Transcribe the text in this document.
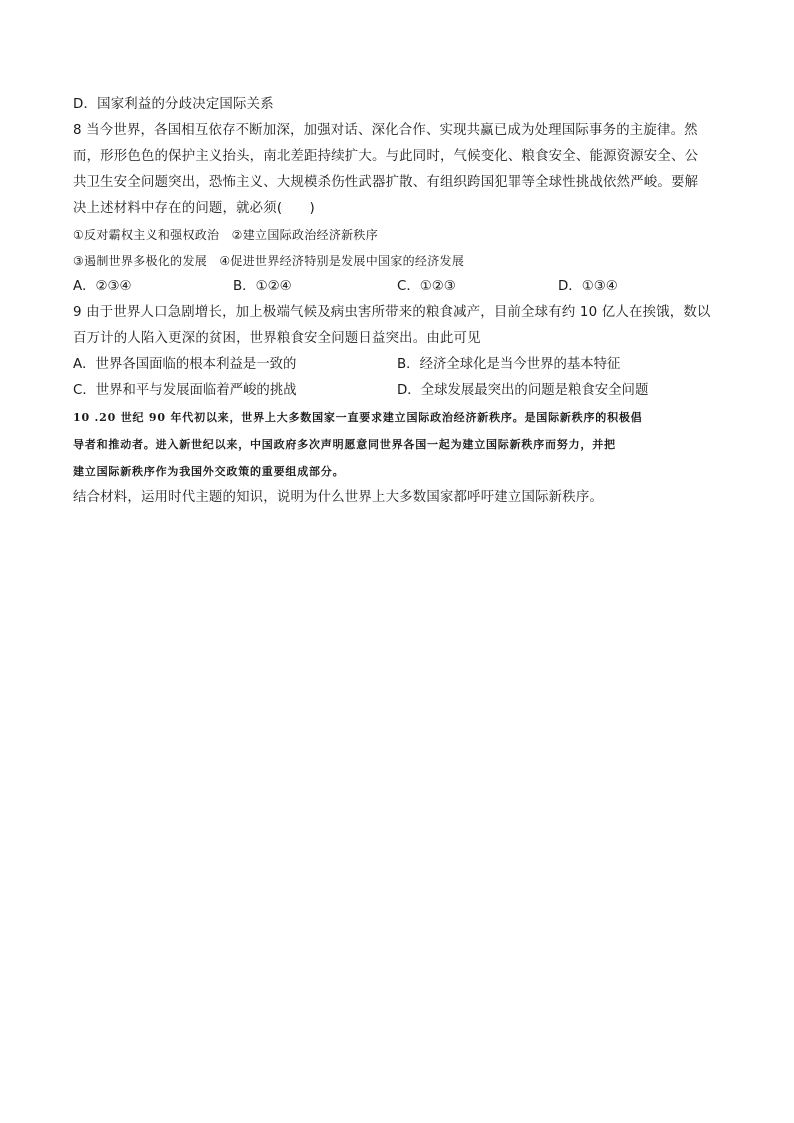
D．国家利益的分歧决定国际关系
8 当今世界，各国相互依存不断加深，加强对话、深化合作、实现共赢已成为处理国际事务的主旋律。然
而，形形色色的保护主义抬头，南北差距持续扩大。与此同时，气候变化、粮食安全、能源资源安全、公
共卫生安全问题突出，恐怖主义、大规模杀伤性武器扩散、有组织跨国犯罪等全球性挑战依然严峻。要解
决上述材料中存在的问题，就必须(　　)
①反对霸权主义和强权政治　②建立国际政治经济新秩序
③遏制世界多极化的发展　④促进世界经济特别是发展中国家的经济发展
A．②③④	B．①②④	C．①②③	D．①③④
9 由于世界人口急剧增长，加上极端气候及病虫害所带来的粮食减产，目前全球有约 10 亿人在挨饿，数以
百万计的人陷入更深的贫困，世界粮食安全问题日益突出。由此可见
A．世界各国面临的根本利益是一致的	B．经济全球化是当今世界的基本特征
C．世界和平与发展面临着严峻的挑战	D．全球发展最突出的问题是粮食安全问题
10 .20 世纪 90 年代初以来，世界上大多数国家一直要求建立国际政治经济新秩序。是国际新秩序的积极倡
导者和推动者。进入新世纪以来，中国政府多次声明愿意同世界各国一起为建立国际新秩序而努力，并把
建立国际新秩序作为我国外交政策的重要组成部分。
结合材料，运用时代主题的知识，说明为什么世界上大多数国家都呼吁建立国际新秩序。
